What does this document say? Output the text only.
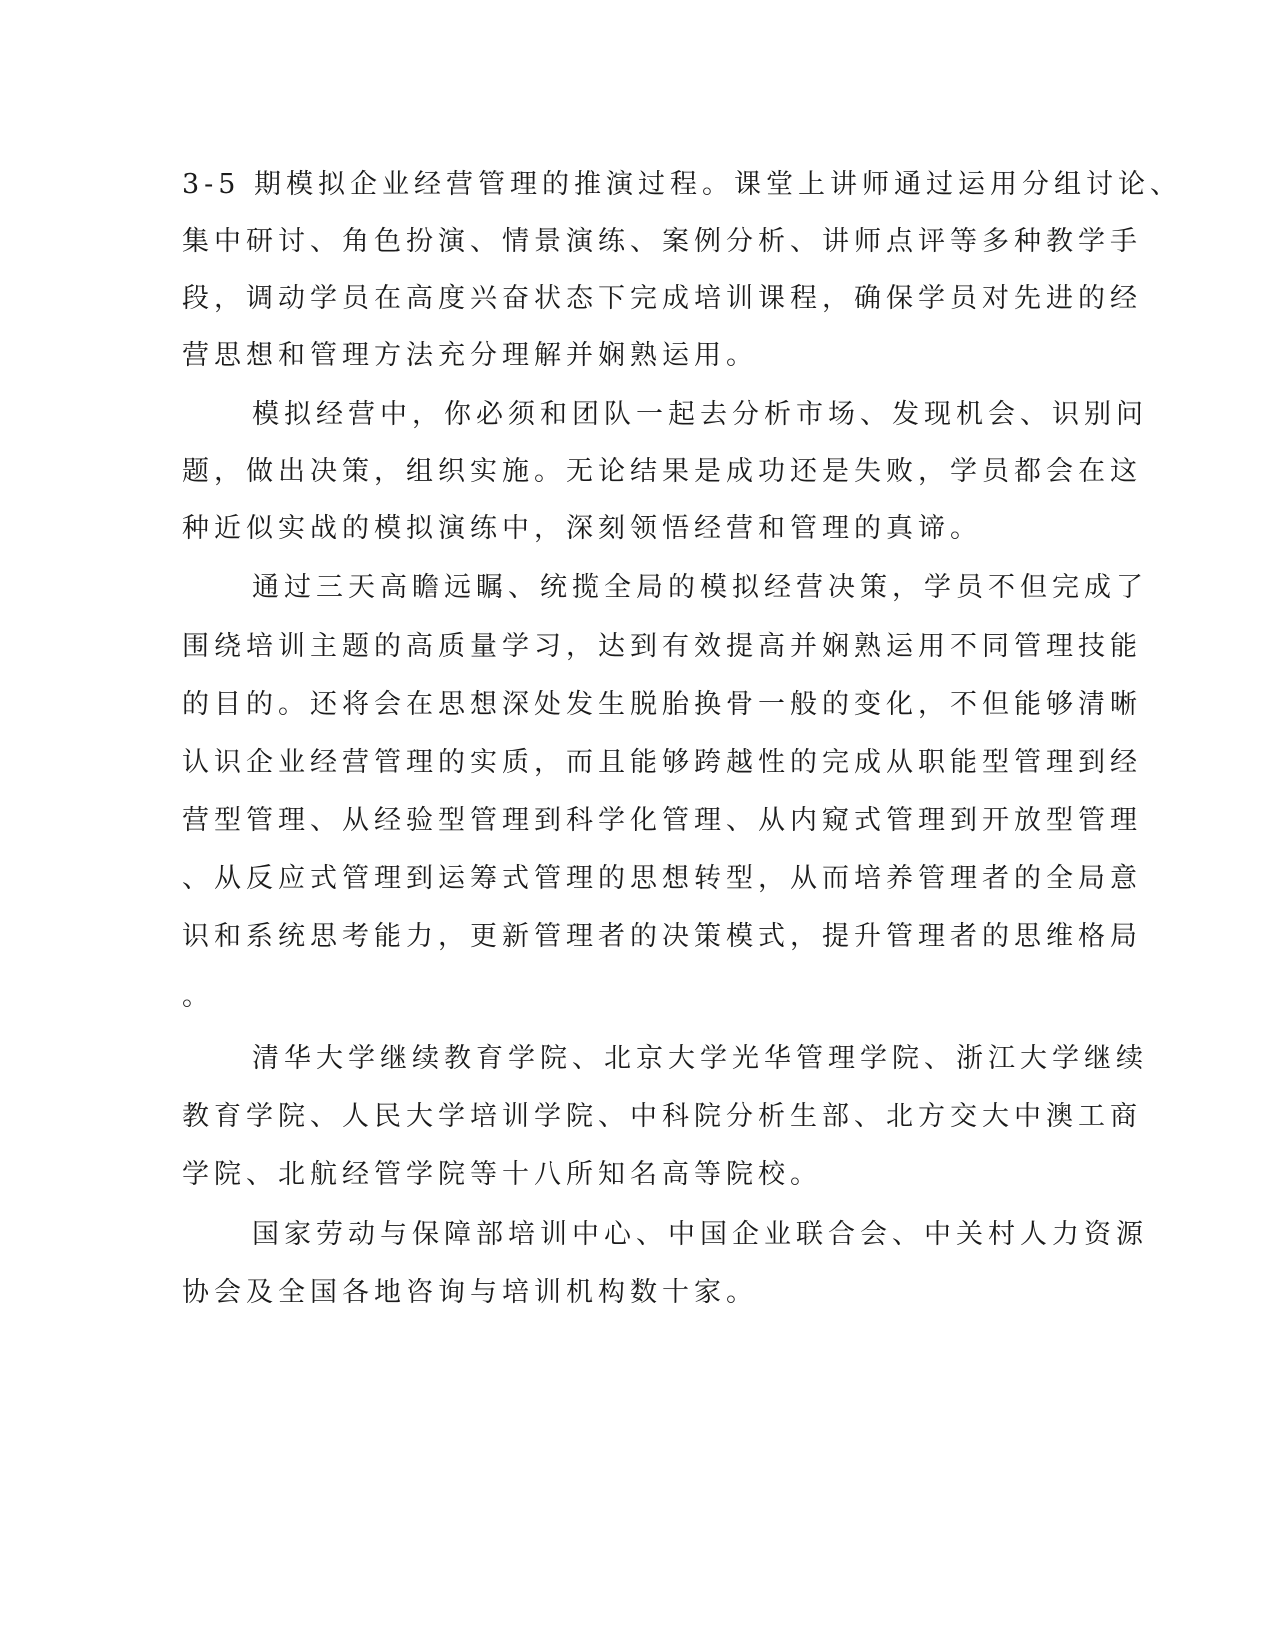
3-5 期模拟企业经营管理的推演过程。课堂上讲师通过运用分组讨论、
集中研讨、角色扮演、情景演练、案例分析、讲师点评等多种教学手
段，调动学员在高度兴奋状态下完成培训课程，确保学员对先进的经
营思想和管理方法充分理解并娴熟运用。
模拟经营中，你必须和团队一起去分析市场、发现机会、识别问
题，做出决策，组织实施。无论结果是成功还是失败，学员都会在这
种近似实战的模拟演练中，深刻领悟经营和管理的真谛。
通过三天高瞻远瞩、统揽全局的模拟经营决策，学员不但完成了
围绕培训主题的高质量学习，达到有效提高并娴熟运用不同管理技能
的目的。还将会在思想深处发生脱胎换骨一般的变化，不但能够清晰
认识企业经营管理的实质，而且能够跨越性的完成从职能型管理到经
营型管理、从经验型管理到科学化管理、从内窥式管理到开放型管理
、从反应式管理到运筹式管理的思想转型，从而培养管理者的全局意
识和系统思考能力，更新管理者的决策模式，提升管理者的思维格局
。
清华大学继续教育学院、北京大学光华管理学院、浙江大学继续
教育学院、人民大学培训学院、中科院分析生部、北方交大中澳工商
学院、北航经管学院等十八所知名高等院校。
国家劳动与保障部培训中心、中国企业联合会、中关村人力资源
协会及全国各地咨询与培训机构数十家。
